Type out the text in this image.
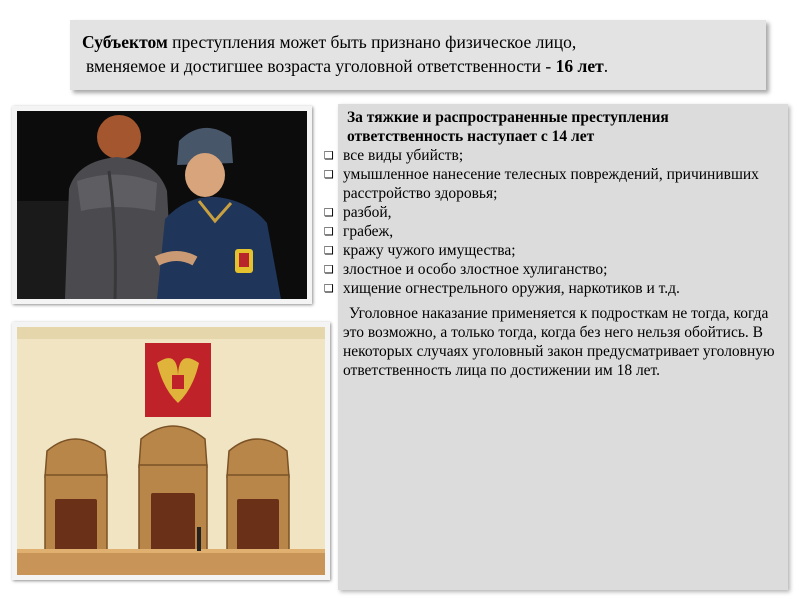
Субъектом преступления может быть признано физическое лицо,
вменяемое и достигшее возраста уголовной ответственности - 16 лет.
За тяжкие и распространенные преступления ответственность наступает с 14 лет
❑ все виды убийств;
❑ умышленное нанесение телесных повреждений, причинивших расстройство здоровья;
❑ разбой,
❑ грабеж,
❑ кражу чужого имущества;
❑ злостное и особо злостное хулиганство;
❑ хищение огнестрельного оружия, наркотиков и т.д.
Уголовное наказание применяется к подросткам не тогда, когда это возможно, а только тогда, когда без него нельзя обойтись. В некоторых случаях уголовный закон предусматривает уголовную ответственность лица по достижении им 18 лет.
